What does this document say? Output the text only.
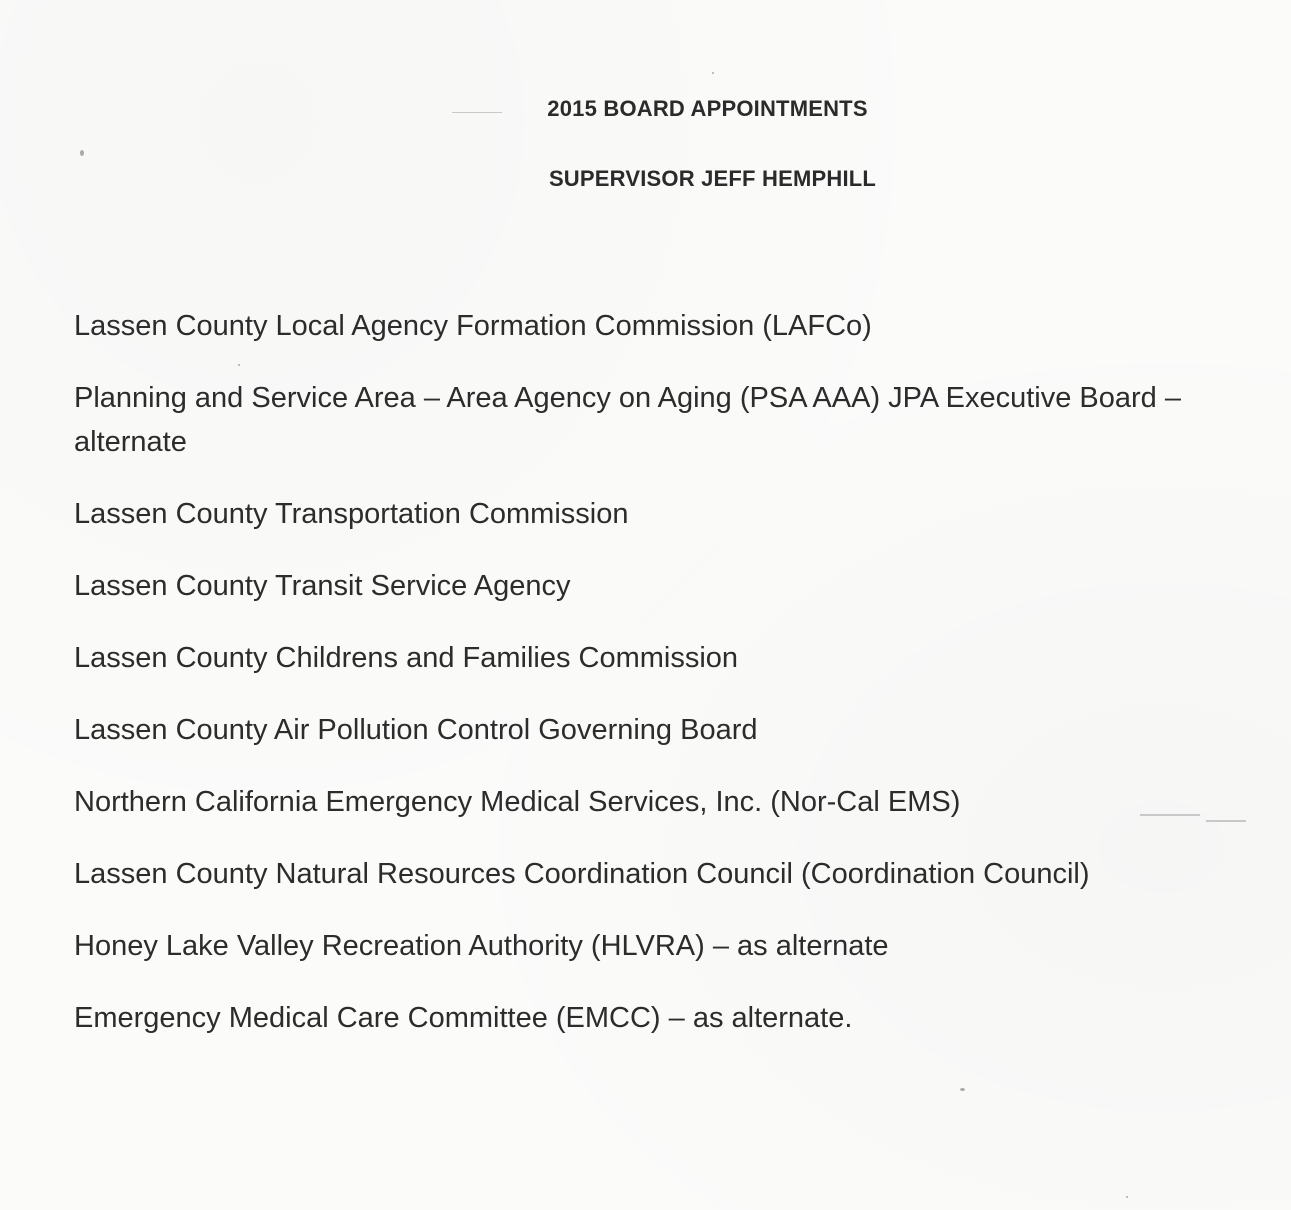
2015 BOARD APPOINTMENTS
SUPERVISOR JEFF HEMPHILL
Lassen County Local Agency Formation Commission (LAFCo)
Planning and Service Area – Area Agency on Aging (PSA AAA) JPA Executive Board – alternate
Lassen County Transportation Commission
Lassen County Transit Service Agency
Lassen County Childrens and Families Commission
Lassen County Air Pollution Control Governing Board
Northern California Emergency Medical Services, Inc. (Nor-Cal EMS)
Lassen County Natural Resources Coordination Council (Coordination Council)
Honey Lake Valley Recreation Authority (HLVRA) – as alternate
Emergency Medical Care Committee (EMCC) – as alternate.
